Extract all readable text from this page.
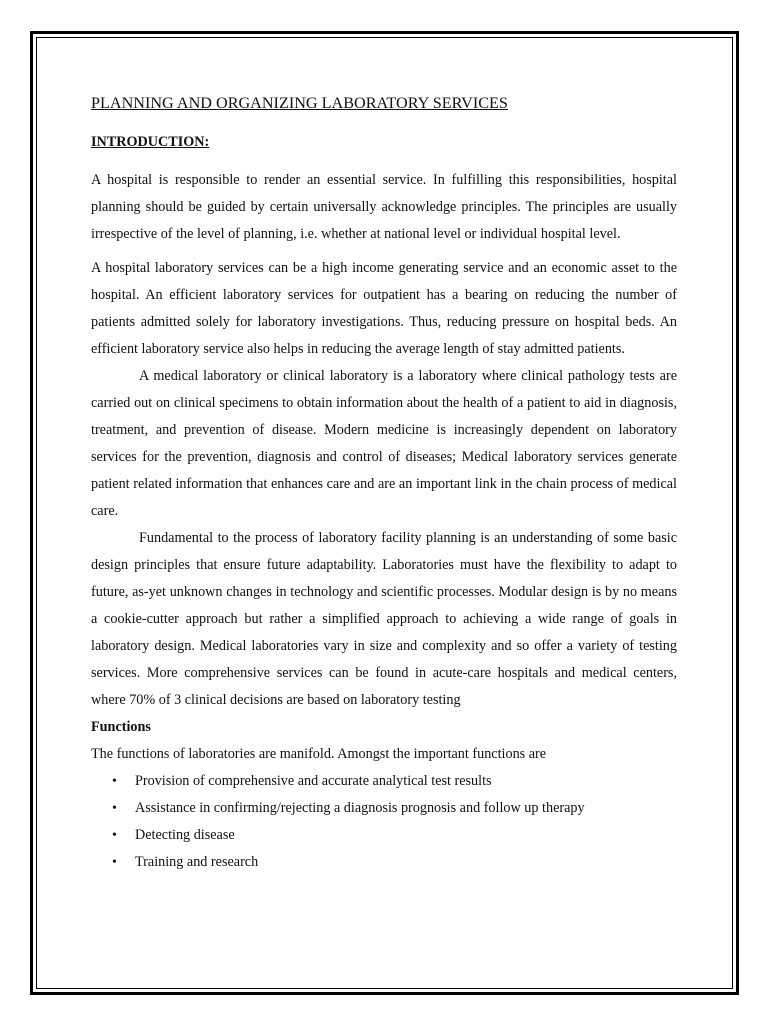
PLANNING AND ORGANIZING LABORATORY SERVICES
INTRODUCTION:

A hospital is responsible to render an essential service. In fulfilling this responsibilities, hospital planning should be guided by certain universally acknowledge principles. The principles are usually irrespective of the level of planning, i.e. whether at national level or individual hospital level.

A hospital laboratory services can be a high income generating service and an economic asset to the hospital. An efficient laboratory services for outpatient has a bearing on reducing the number of patients admitted solely for laboratory investigations. Thus, reducing pressure on hospital beds. An efficient laboratory service also helps in reducing the average length of stay admitted patients.

A medical laboratory or clinical laboratory is a laboratory where clinical pathology tests are carried out on clinical specimens to obtain information about the health of a patient to aid in diagnosis, treatment, and prevention of disease. Modern medicine is increasingly dependent on laboratory services for the prevention, diagnosis and control of diseases; Medical laboratory services generate patient related information that enhances care and are an important link in the chain process of medical care.

Fundamental to the process of laboratory facility planning is an understanding of some basic design principles that ensure future adaptability. Laboratories must have the flexibility to adapt to future, as-yet unknown changes in technology and scientific processes. Modular design is by no means a cookie-cutter approach but rather a simplified approach to achieving a wide range of goals in laboratory design. Medical laboratories vary in size and complexity and so offer a variety of testing services. More comprehensive services can be found in acute-care hospitals and medical centers, where 70% of 3 clinical decisions are based on laboratory testing

Functions

The functions of laboratories are manifold. Amongst the important functions are

• Provision of comprehensive and accurate analytical test results
• Assistance in confirming/rejecting a diagnosis prognosis and follow up therapy
• Detecting disease
• Training and research
